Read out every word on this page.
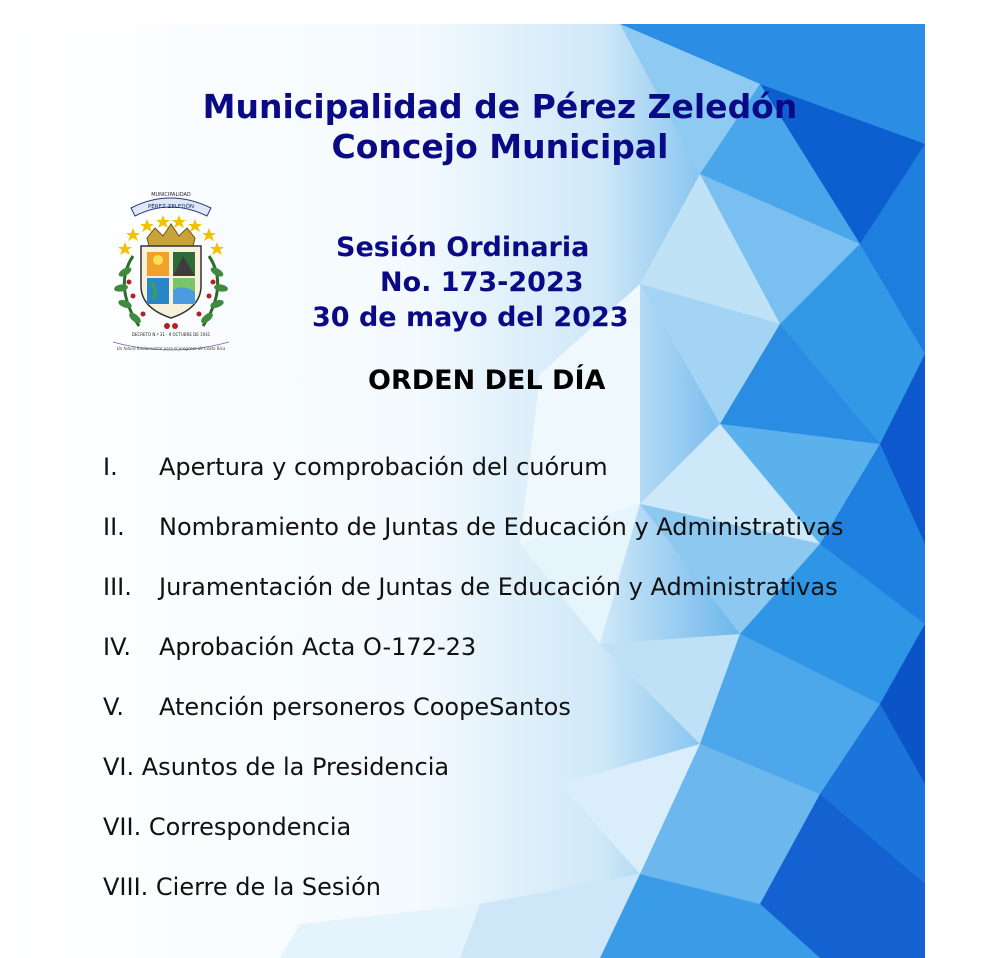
Municipalidad de Pérez Zeledón
Concejo Municipal
MUNICIPALIDAD
PÉREZ ZELEDÓN
DECRETO N.º 31 · 9 OCTUBRE DE 1931
Un futuro fundamental para el progreso de Costa Rica
Sesión Ordinaria
No. 173-2023
30 de mayo del 2023
ORDEN DEL DÍA
I. Apertura y comprobación del cuórum
II. Nombramiento de Juntas de Educación y Administrativas
III. Juramentación de Juntas de Educación y Administrativas
IV. Aprobación Acta O-172-23
V. Atención personeros CoopeSantos
VI. Asuntos de la Presidencia
VII. Correspondencia
VIII. Cierre de la Sesión
